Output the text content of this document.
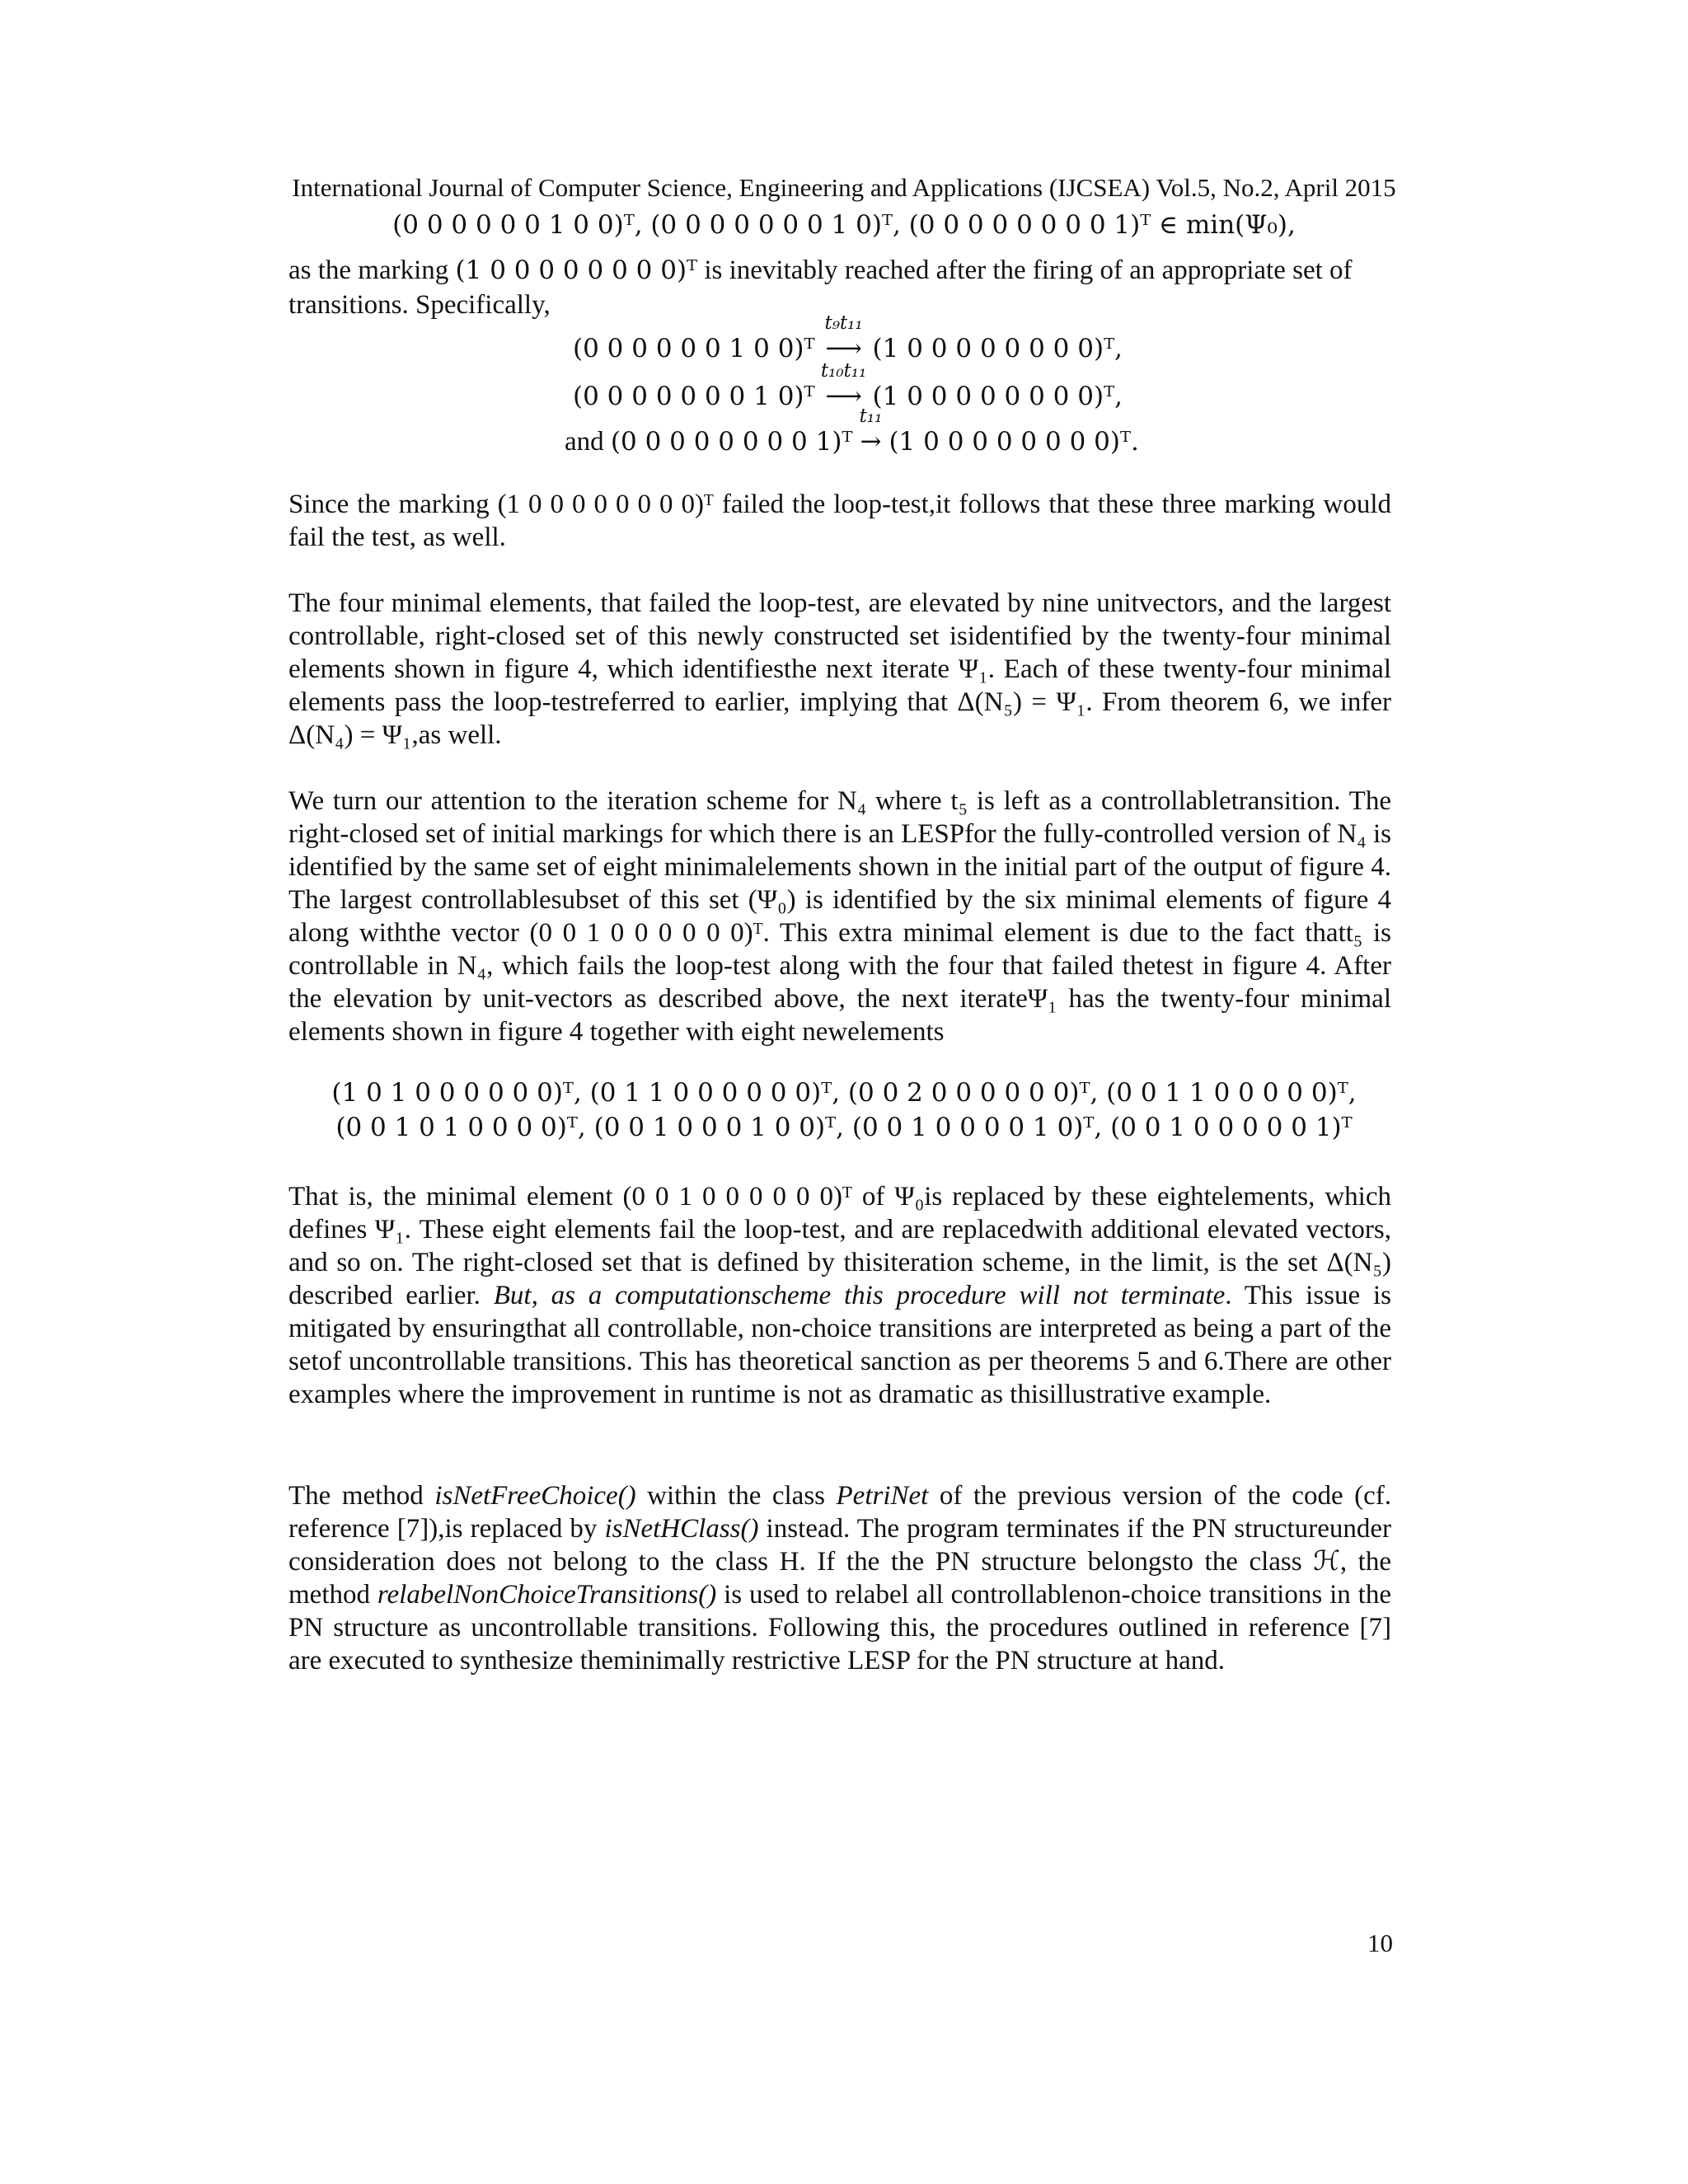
International Journal of Computer Science, Engineering and Applications (IJCSEA) Vol.5, No.2, April 2015
(0 0 0 0 0 0 1 0 0)ᵀ, (0 0 0 0 0 0 0 1 0)ᵀ, (0 0 0 0 0 0 0 0 1)ᵀ ∈ min(Ψ₀),
as the marking (1 0 0 0 0 0 0 0 0)ᵀ is inevitably reached after the firing of an appropriate set of
transitions. Specifically,
(0 0 0 0 0 0 1 0 0)ᵀ
t₉t₁₁
⟶ (1 0 0 0 0 0 0 0 0)ᵀ,
(0 0 0 0 0 0 0 1 0)ᵀ
t₁₀t₁₁
⟶ (1 0 0 0 0 0 0 0 0)ᵀ,
and (0 0 0 0 0 0 0 0 1)ᵀ
t₁₁
→ (1 0 0 0 0 0 0 0 0)ᵀ.

Since the marking (1 0 0 0 0 0 0 0 0)ᵀ failed the loop-test,it follows that these three marking would fail the test, as well.

The four minimal elements, that failed the loop-test, are elevated by nine unitvectors, and the largest controllable, right-closed set of this newly constructed set isidentified by the twenty-four minimal elements shown in figure 4, which identifiesthe next iterate Ψ₁. Each of these twenty-four minimal elements pass the loop-testreferred to earlier, implying that Δ(N₅) = Ψ₁. From theorem 6, we infer Δ(N₄) = Ψ₁,as well.

We turn our attention to the iteration scheme for N₄ where t₅ is left as a controllabletransition. The right-closed set of initial markings for which there is an LESPfor the fully-controlled version of N₄ is identified by the same set of eight minimalelements shown in the initial part of the output of figure 4. The largest controllablesubset of this set (Ψ₀) is identified by the six minimal elements of figure 4 along withthe vector (0 0 1 0 0 0 0 0 0)ᵀ. This extra minimal element is due to the fact thatt₅ is controllable in N₄, which fails the loop-test along with the four that failed thetest in figure 4. After the elevation by unit-vectors as described above, the next iterateΨ₁ has the twenty-four minimal elements shown in figure 4 together with eight newelements

(1 0 1 0 0 0 0 0 0)ᵀ, (0 1 1 0 0 0 0 0 0)ᵀ, (0 0 2 0 0 0 0 0 0)ᵀ, (0 0 1 1 0 0 0 0 0)ᵀ,
(0 0 1 0 1 0 0 0 0)ᵀ, (0 0 1 0 0 0 1 0 0)ᵀ, (0 0 1 0 0 0 0 1 0)ᵀ, (0 0 1 0 0 0 0 0 1)ᵀ

That is, the minimal element (0 0 1 0 0 0 0 0 0)ᵀ of Ψ₀is replaced by these eightelements, which defines Ψ₁. These eight elements fail the loop-test, and are replacedwith additional elevated vectors, and so on. The right-closed set that is defined by thisiteration scheme, in the limit, is the set Δ(N₅) described earlier. But, as a computationscheme this procedure will not terminate. This issue is mitigated by ensuringthat all controllable, non-choice transitions are interpreted as being a part of the setof uncontrollable transitions. This has theoretical sanction as per theorems 5 and 6.There are other examples where the improvement in runtime is not as dramatic as thisillustrative example.

The method isNetFreeChoice() within the class PetriNet of the previous version of the code (cf. reference [7]),is replaced by isNetHClass() instead. The program terminates if the PN structureunder consideration does not belong to the class H. If the the PN structure belongsto the class ℋ, the method relabelNonChoiceTransitions() is used to relabel all controllablenon-choice transitions in the PN structure as uncontrollable transitions. Following this, the procedures outlined in reference [7] are executed to synthesize theminimally restrictive LESP for the PN structure at hand.

10
